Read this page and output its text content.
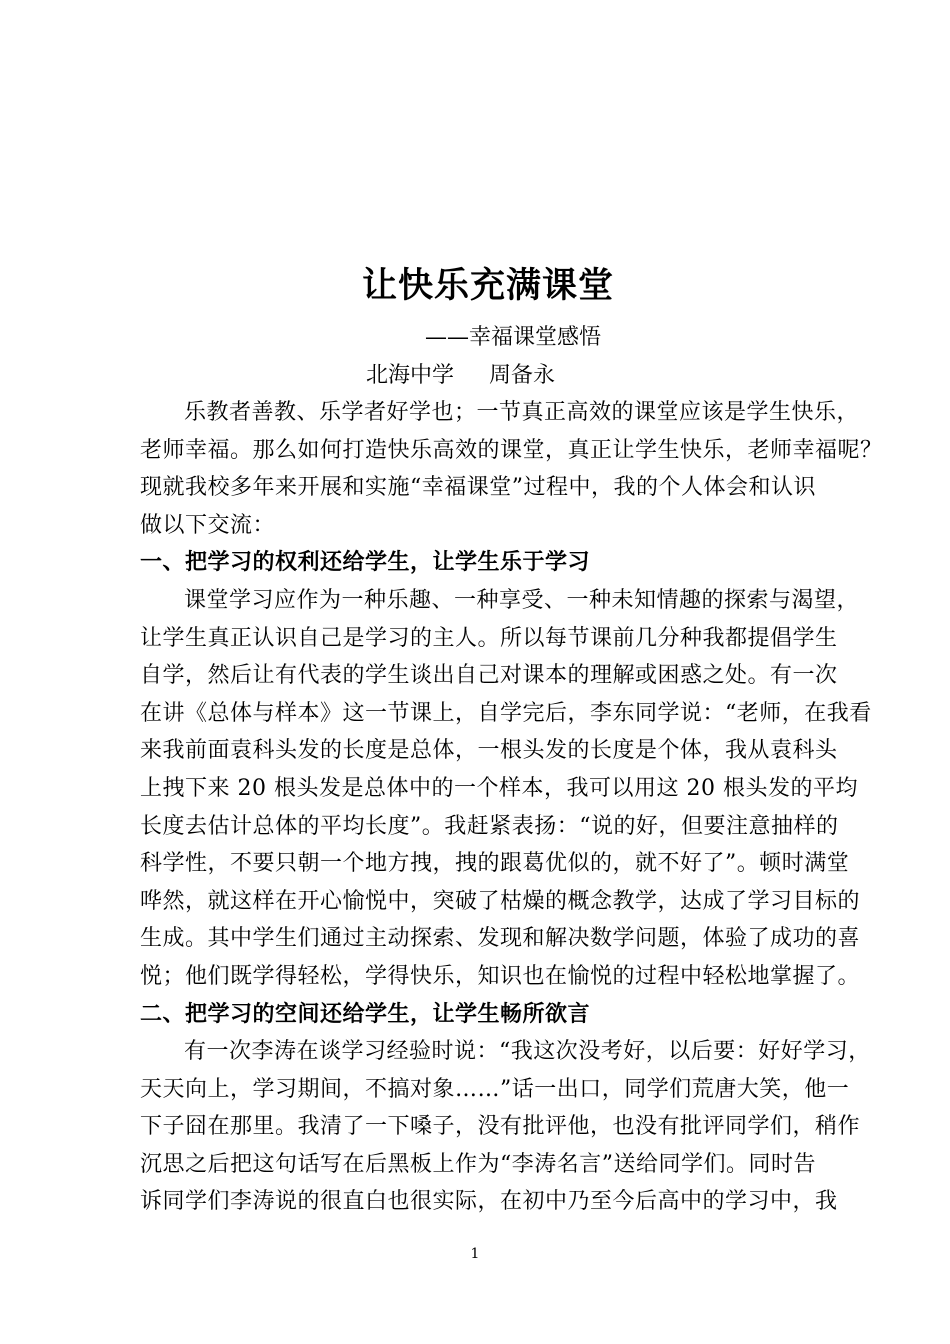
让快乐充满课堂
——幸福课堂感悟
北海中学     周备永
乐教者善教、乐学者好学也；一节真正高效的课堂应该是学生快乐，
老师幸福。那么如何打造快乐高效的课堂，真正让学生快乐，老师幸福呢？
现就我校多年来开展和实施“幸福课堂”过程中，我的个人体会和认识
做以下交流：
一、把学习的权利还给学生，让学生乐于学习
课堂学习应作为一种乐趣、一种享受、一种未知情趣的探索与渴望，
让学生真正认识自己是学习的主人。所以每节课前几分种我都提倡学生
自学，然后让有代表的学生谈出自己对课本的理解或困惑之处。有一次
在讲《总体与样本》这一节课上，自学完后，李东同学说：“老师，在我看
来我前面袁科头发的长度是总体，一根头发的长度是个体，我从袁科头
上拽下来 20 根头发是总体中的一个样本，我可以用这 20 根头发的平均
长度去估计总体的平均长度”。我赶紧表扬：“说的好，但要注意抽样的
科学性，不要只朝一个地方拽，拽的跟葛优似的，就不好了”。顿时满堂
哗然，就这样在开心愉悦中，突破了枯燥的概念教学，达成了学习目标的
生成。其中学生们通过主动探索、发现和解决数学问题，体验了成功的喜
悦；他们既学得轻松，学得快乐，知识也在愉悦的过程中轻松地掌握了。
二、把学习的空间还给学生，让学生畅所欲言
有一次李涛在谈学习经验时说：“我这次没考好，以后要：好好学习，
天天向上，学习期间，不搞对象……”话一出口，同学们荒唐大笑，他一
下子囧在那里。我清了一下嗓子，没有批评他，也没有批评同学们，稍作
沉思之后把这句话写在后黑板上作为“李涛名言”送给同学们。同时告
诉同学们李涛说的很直白也很实际，在初中乃至今后高中的学习中，我
1
